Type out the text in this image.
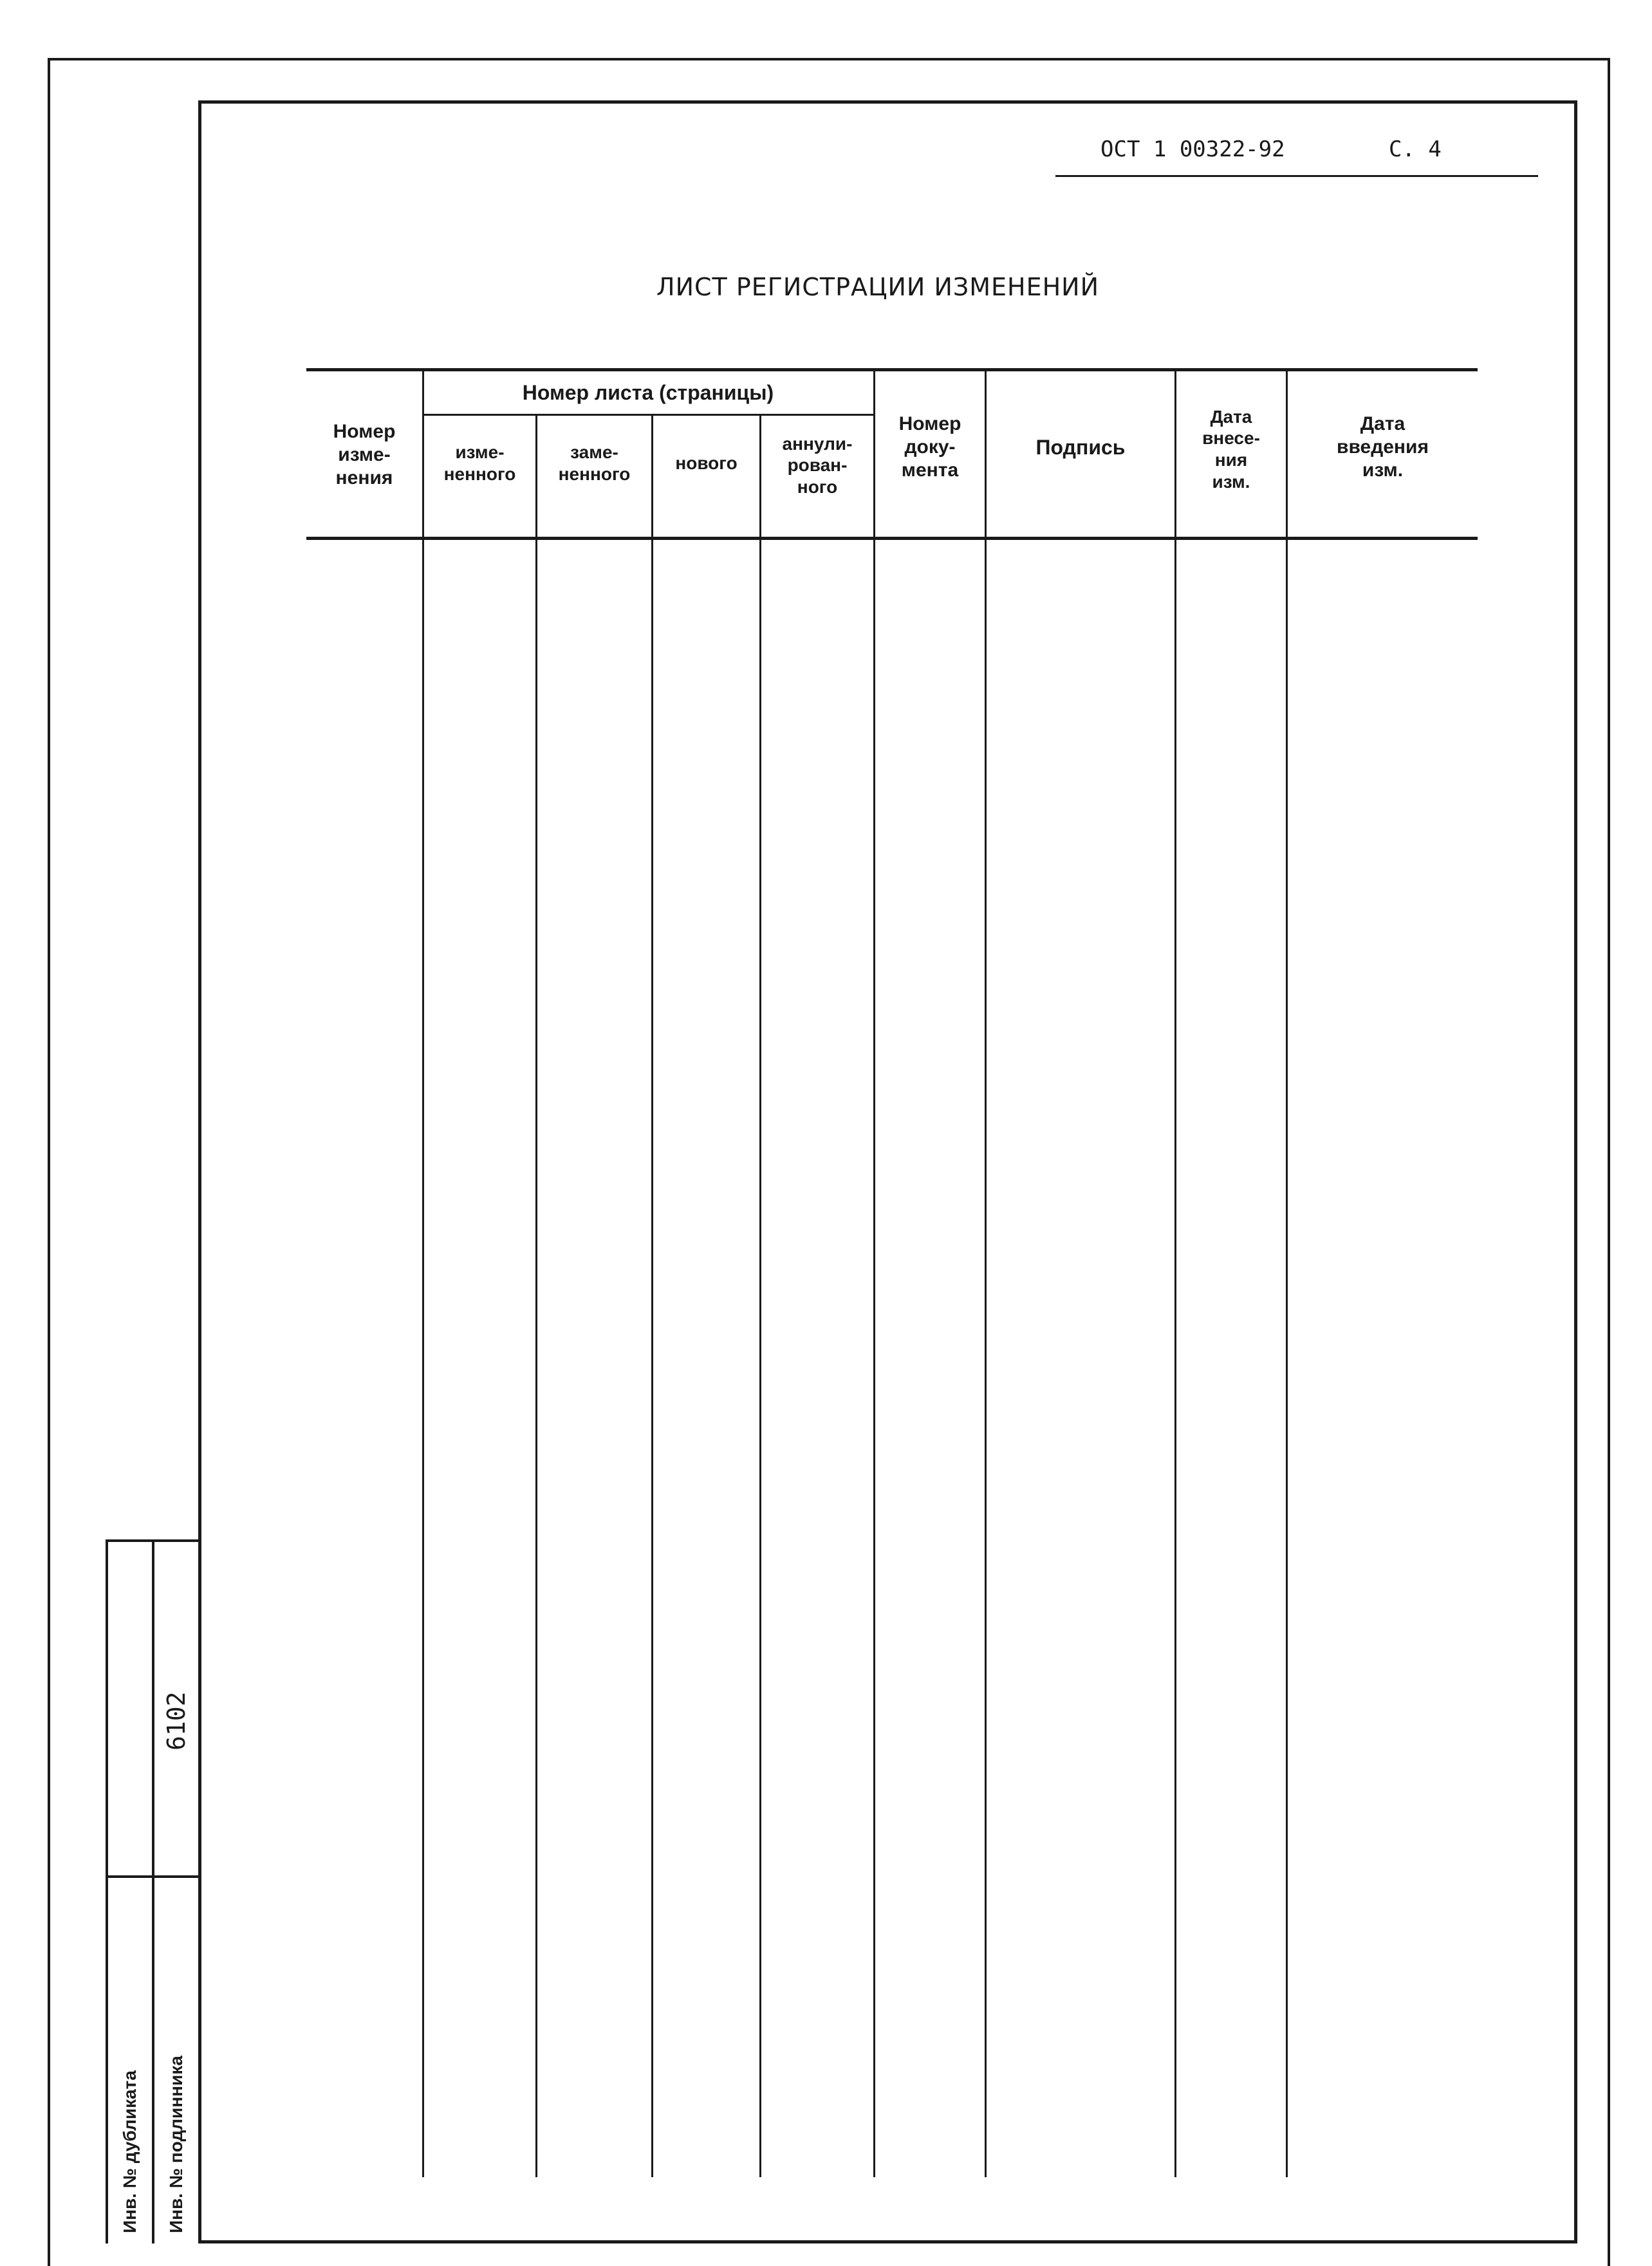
ОСТ 1 00322-92	С. 4
ЛИСТ РЕГИСТРАЦИИ ИЗМЕНЕНИЙ
Номер
изме-
нения
Номер листа (страницы)
изме-
ненного
заме-
ненного
нового
аннули-
рован-
ного
Номер
доку-
мента
Подпись
Дата
внесе-
ния
изм.
Дата
введения
изм.
Инв. № дубликата Инв. № подлинника
6102
